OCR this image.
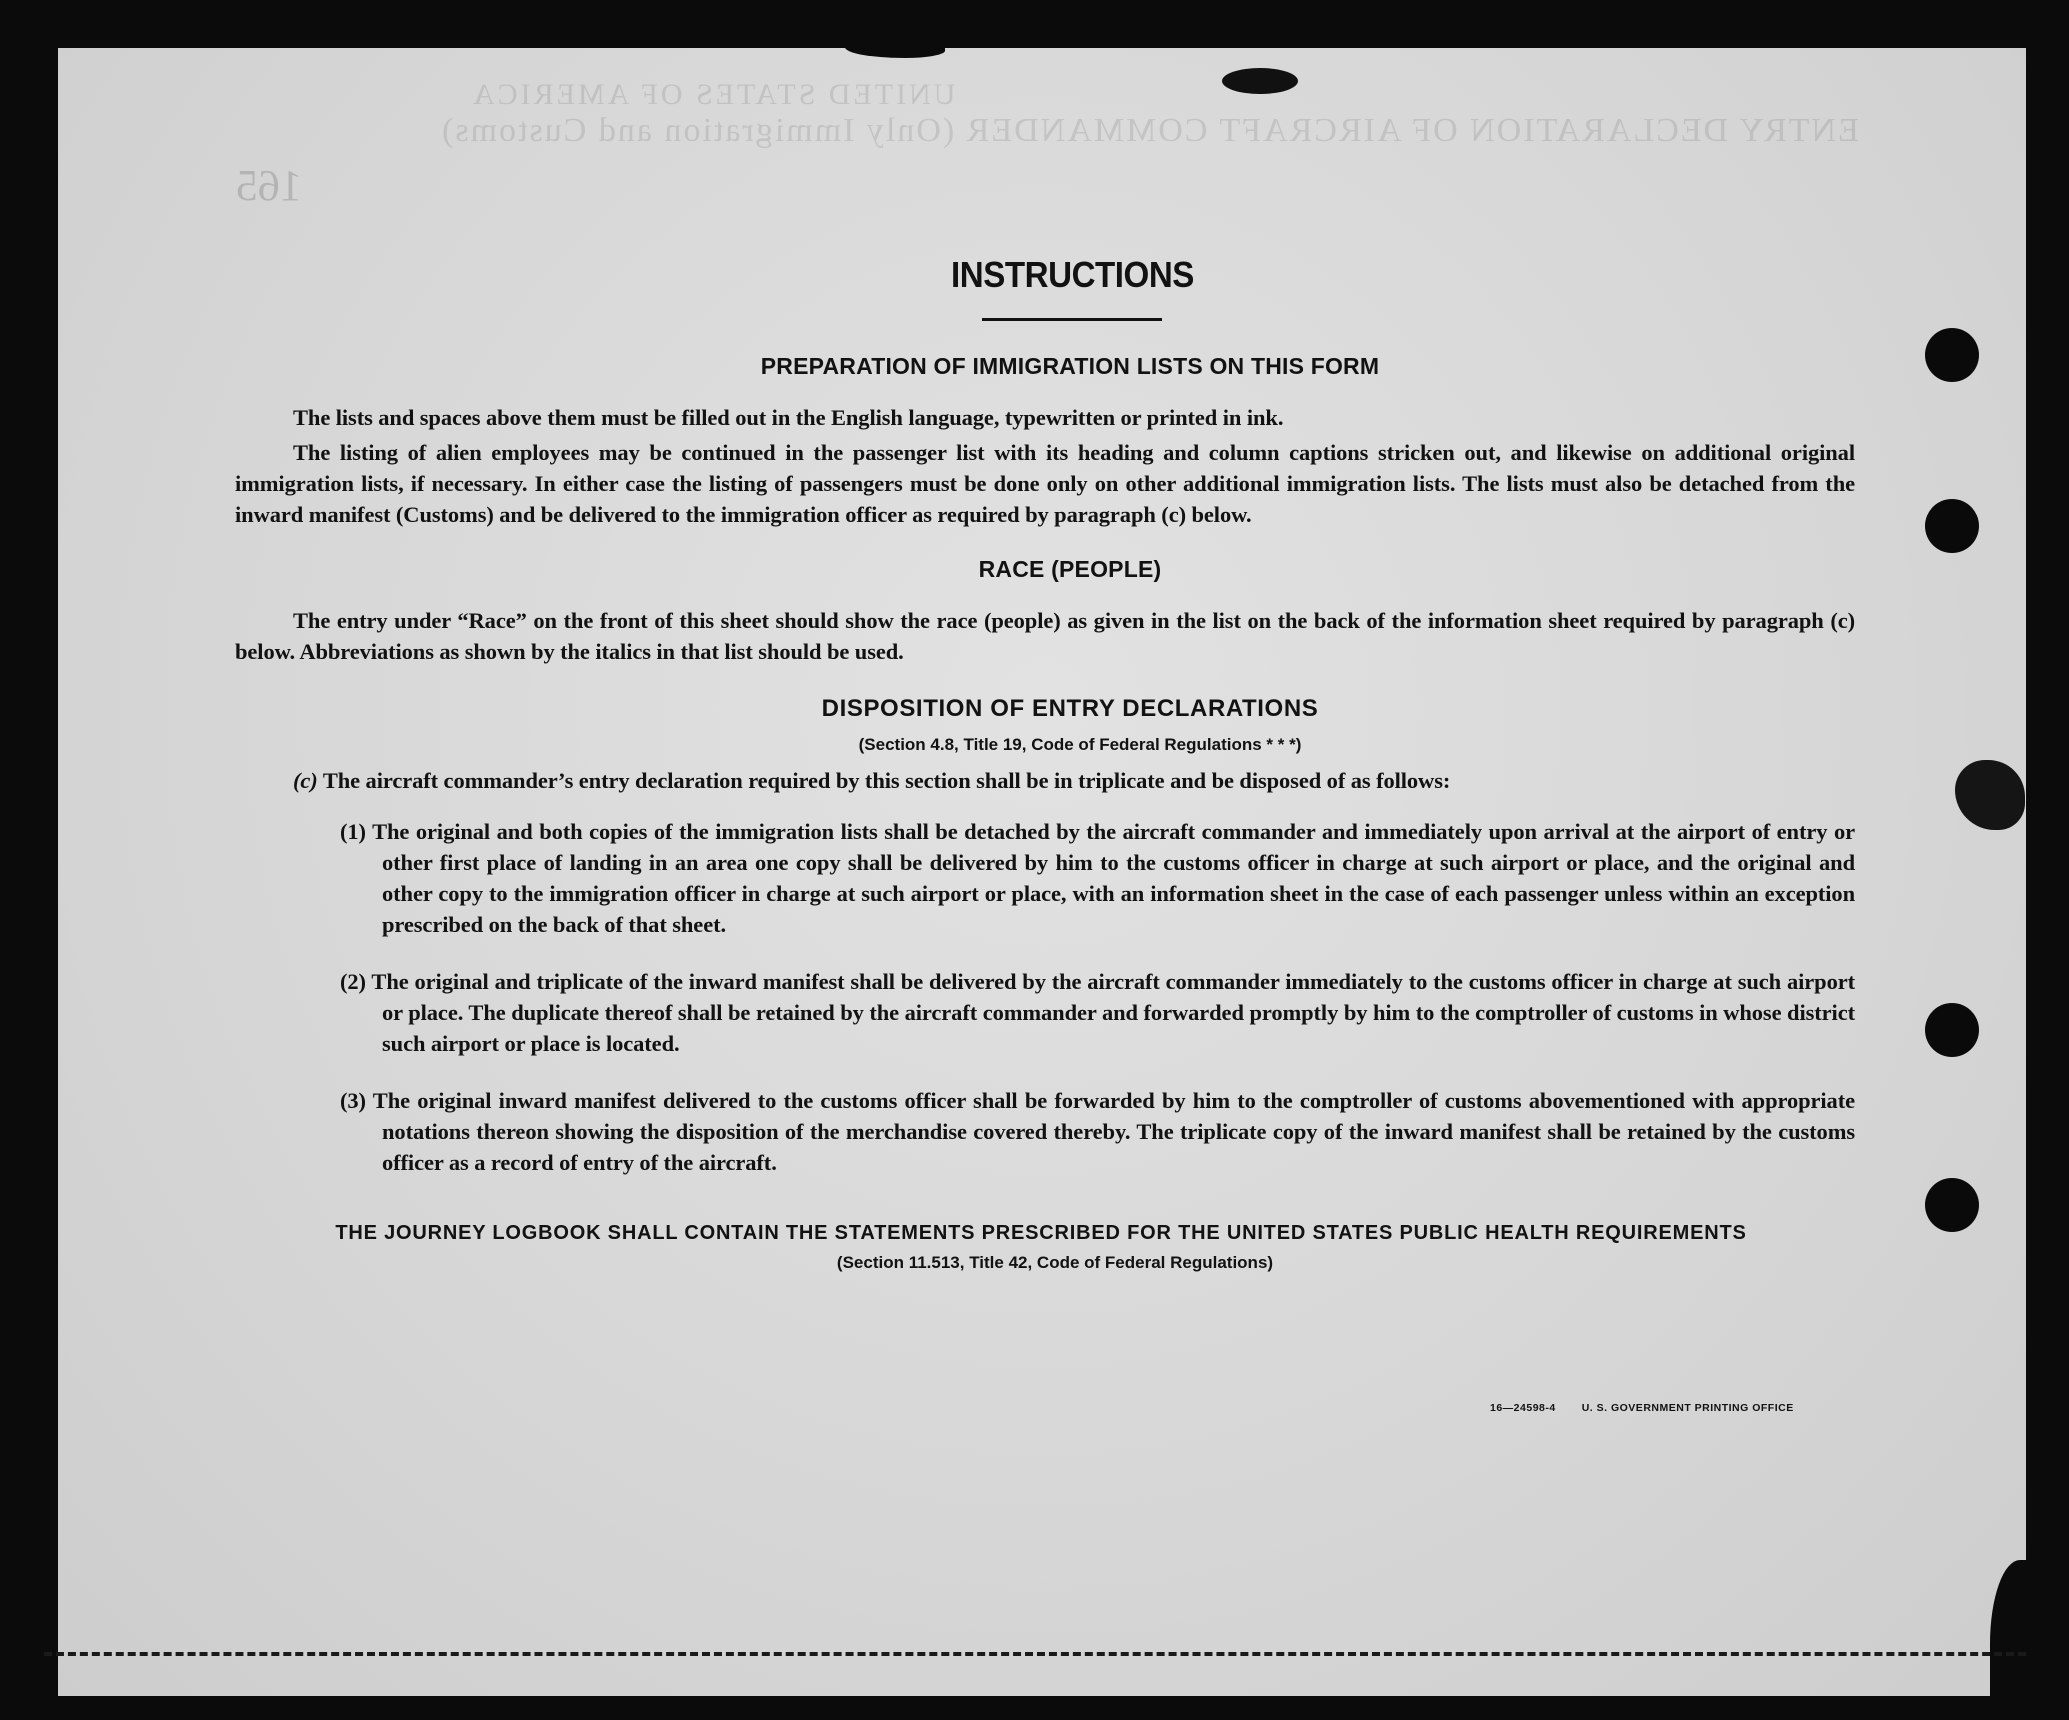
UNITED STATES OF AMERICA
ENTRY DECLARATION OF AIRCRAFT COMMANDER (Only Immigration and Customs)
165
INSTRUCTIONS
PREPARATION OF IMMIGRATION LISTS ON THIS FORM

The lists and spaces above them must be filled out in the English language, typewritten or printed in ink.

The listing of alien employees may be continued in the passenger list with its heading and column captions stricken out, and likewise on additional original immigration lists, if necessary. In either case the listing of passengers must be done only on other additional immigration lists. The lists must also be detached from the inward manifest (Customs) and be delivered to the immigration officer as required by paragraph (c) below.

RACE (PEOPLE)

The entry under “Race” on the front of this sheet should show the race (people) as given in the list on the back of the information sheet required by paragraph (c) below. Abbreviations as shown by the italics in that list should be used.

DISPOSITION OF ENTRY DECLARATIONS
(Section 4.8, Title 19, Code of Federal Regulations * * *)

(c) The aircraft commander’s entry declaration required by this section shall be in triplicate and be disposed of as follows:

(1) The original and both copies of the immigration lists shall be detached by the aircraft commander and immediately upon arrival at the airport of entry or other first place of landing in an area one copy shall be delivered by him to the customs officer in charge at such airport or place, and the original and other copy to the immigration officer in charge at such airport or place, with an information sheet in the case of each passenger unless within an exception prescribed on the back of that sheet.

(2) The original and triplicate of the inward manifest shall be delivered by the aircraft commander immediately to the customs officer in charge at such airport or place. The duplicate thereof shall be retained by the aircraft commander and forwarded promptly by him to the comptroller of customs in whose district such airport or place is located.

(3) The original inward manifest delivered to the customs officer shall be forwarded by him to the comptroller of customs abovementioned with appropriate notations thereon showing the disposition of the merchandise covered thereby. The triplicate copy of the inward manifest shall be retained by the customs officer as a record of entry of the aircraft.

THE JOURNEY LOGBOOK SHALL CONTAIN THE STATEMENTS PRESCRIBED FOR THE UNITED STATES PUBLIC HEALTH REQUIREMENTS
(Section 11.513, Title 42, Code of Federal Regulations)
16—24598-4 U. S. GOVERNMENT PRINTING OFFICE
